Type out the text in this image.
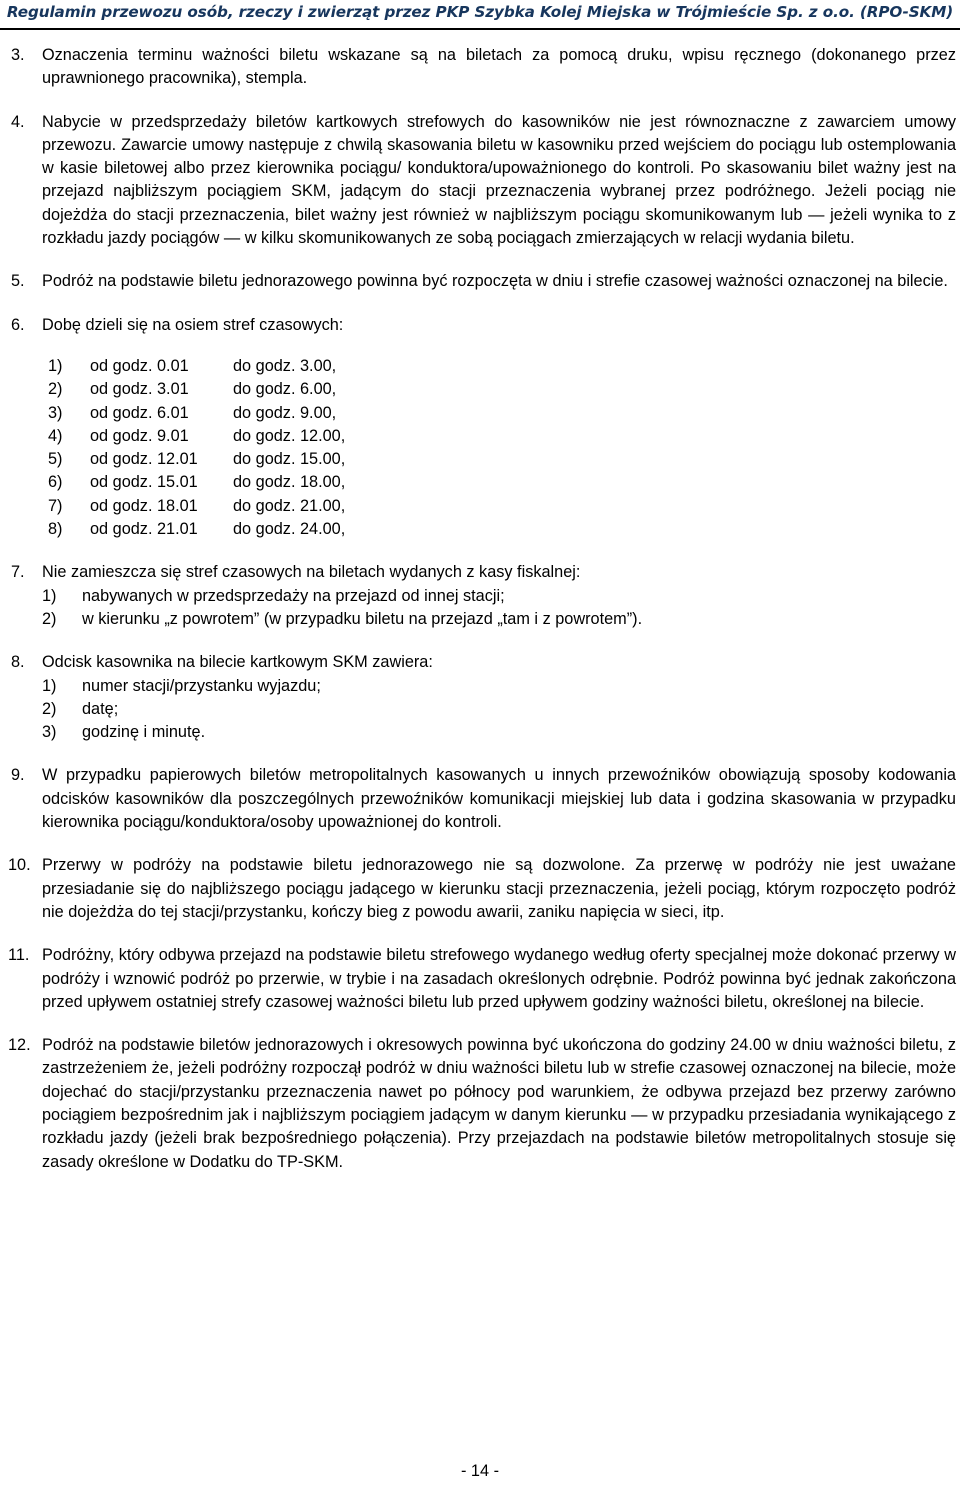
Regulamin przewozu osób, rzeczy i zwierząt przez PKP Szybka Kolej Miejska w Trójmieście Sp. z o.o. (RPO-SKM)
3. Oznaczenia terminu ważności biletu wskazane są na biletach za pomocą druku, wpisu ręcznego (dokonanego przez uprawnionego pracownika), stempla.
4. Nabycie w przedsprzedaży biletów kartkowych strefowych do kasowników nie jest równoznaczne z zawarciem umowy przewozu. Zawarcie umowy następuje z chwilą skasowania biletu w kasowniku przed wejściem do pociągu lub ostemplowania w kasie biletowej albo przez kierownika pociągu/ konduktora/upoważnionego do kontroli. Po skasowaniu bilet ważny jest na przejazd najbliższym pociągiem SKM, jadącym do stacji przeznaczenia wybranej przez podróżnego. Jeżeli pociąg nie dojeżdża do stacji przeznaczenia, bilet ważny jest również w najbliższym pociągu skomunikowanym lub — jeżeli wynika to z rozkładu jazdy pociągów — w kilku skomunikowanych ze sobą pociągach zmierzających w relacji wydania biletu.
5. Podróż na podstawie biletu jednorazowego powinna być rozpoczęta w dniu i strefie czasowej ważności oznaczonej na bilecie.
6. Dobę dzieli się na osiem stref czasowych:
1) od godz. 0.01	do godz. 3.00,
2) od godz. 3.01	do godz. 6.00,
3) od godz. 6.01	do godz. 9.00,
4) od godz. 9.01	do godz. 12.00,
5) od godz. 12.01 do godz. 15.00,
6) od godz. 15.01 do godz. 18.00,
7) od godz. 18.01 do godz. 21.00,
8) od godz. 21.01 do godz. 24.00,
7. Nie zamieszcza się stref czasowych na biletach wydanych z kasy fiskalnej:
1) nabywanych w przedsprzedaży na przejazd od innej stacji;
2) w kierunku „z powrotem” (w przypadku biletu na przejazd „tam i z powrotem”).
8. Odcisk kasownika na bilecie kartkowym SKM zawiera:
1) numer stacji/przystanku wyjazdu;
2) datę;
3) godzinę i minutę.
9. W przypadku papierowych biletów metropolitalnych kasowanych u innych przewoźników obowiązują sposoby kodowania odcisków kasowników dla poszczególnych przewoźników komunikacji miejskiej lub data i godzina skasowania w przypadku kierownika pociągu/konduktora/osoby upoważnionej do kontroli.
10. Przerwy w podróży na podstawie biletu jednorazowego nie są dozwolone. Za przerwę w podróży nie jest uważane przesiadanie się do najbliższego pociągu jadącego w kierunku stacji przeznaczenia, jeżeli pociąg, którym rozpoczęto podróż nie dojeżdża do tej stacji/przystanku, kończy bieg z powodu awarii, zaniku napięcia w sieci, itp.
11. Podróżny, który odbywa przejazd na podstawie biletu strefowego wydanego według oferty specjalnej może dokonać przerwy w podróży i wznowić podróż po przerwie, w trybie i na zasadach określonych odrębnie. Podróż powinna być jednak zakończona przed upływem ostatniej strefy czasowej ważności biletu lub przed upływem godziny ważności biletu, określonej na bilecie.
12. Podróż na podstawie biletów jednorazowych i okresowych powinna być ukończona do godziny 24.00 w dniu ważności biletu, z zastrzeżeniem że, jeżeli podróżny rozpoczął podróż w dniu ważności biletu lub w strefie czasowej oznaczonej na bilecie, może dojechać do stacji/przystanku przeznaczenia nawet po północy pod warunkiem, że odbywa przejazd bez przerwy zarówno pociągiem bezpośrednim jak i najbliższym pociągiem jadącym w danym kierunku — w przypadku przesiadania wynikającego z rozkładu jazdy (jeżeli brak bezpośredniego połączenia). Przy przejazdach na podstawie biletów metropolitalnych stosuje się zasady określone w Dodatku do TP-SKM.
- 14 -
